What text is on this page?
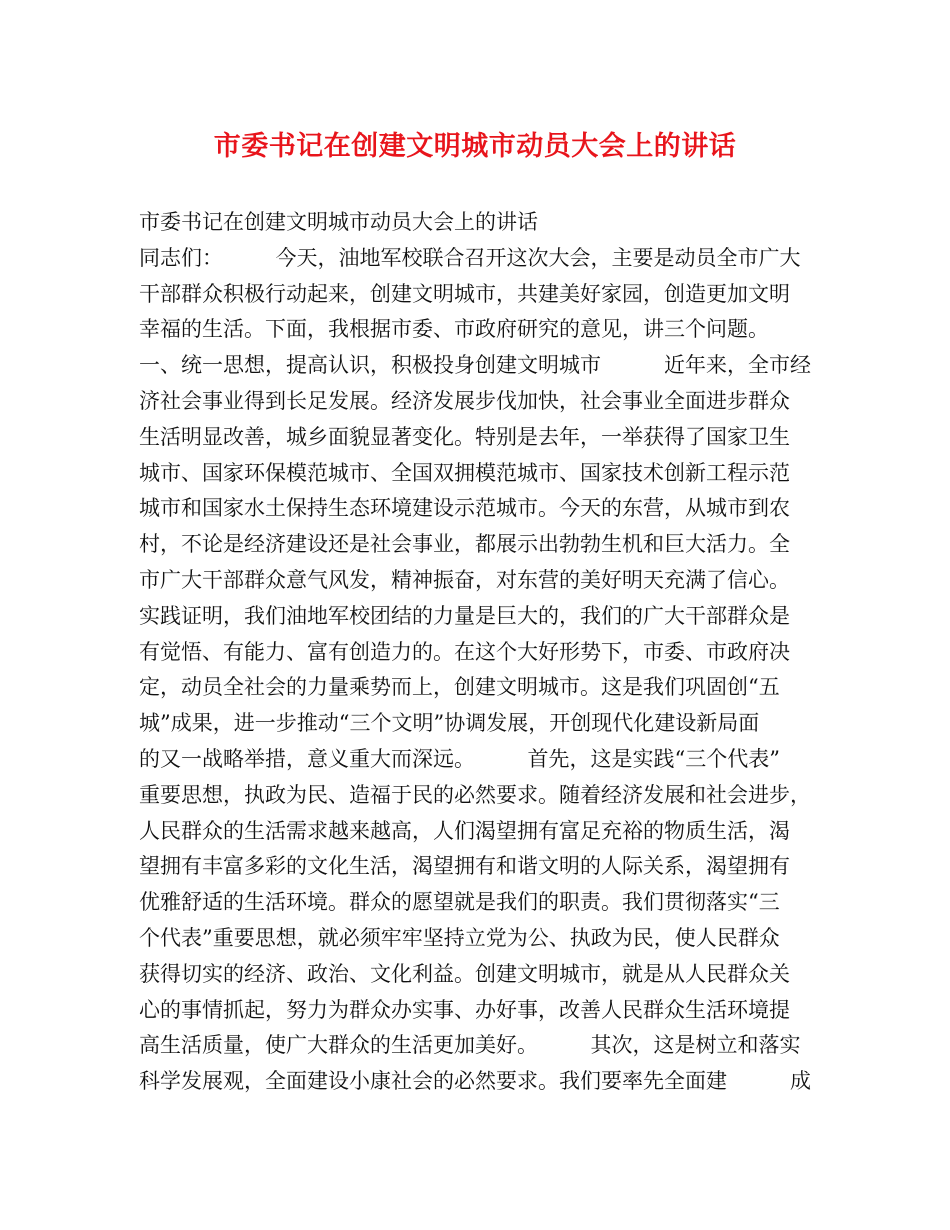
市委书记在创建文明城市动员大会上的讲话
市委书记在创建文明城市动员大会上的讲话
同志们：　　　今天，油地军校联合召开这次大会，主要是动员全市广大
干部群众积极行动起来，创建文明城市，共建美好家园，创造更加文明
幸福的生活。下面，我根据市委、市政府研究的意见，讲三个问题。
一、统一思想，提高认识，积极投身创建文明城市　　　近年来，全市经
济社会事业得到长足发展。经济发展步伐加快，社会事业全面进步群众
生活明显改善，城乡面貌显著变化。特别是去年，一举获得了国家卫生
城市、国家环保模范城市、全国双拥模范城市、国家技术创新工程示范
城市和国家水土保持生态环境建设示范城市。今天的东营，从城市到农
村，不论是经济建设还是社会事业，都展示出勃勃生机和巨大活力。全
市广大干部群众意气风发，精神振奋，对东营的美好明天充满了信心。
实践证明，我们油地军校团结的力量是巨大的，我们的广大干部群众是
有觉悟、有能力、富有创造力的。在这个大好形势下，市委、市政府决
定，动员全社会的力量乘势而上，创建文明城市。这是我们巩固创“五
城”成果，进一步推动“三个文明”协调发展，开创现代化建设新局面
的又一战略举措，意义重大而深远。　　　首先，这是实践“三个代表”
重要思想，执政为民、造福于民的必然要求。随着经济发展和社会进步，
人民群众的生活需求越来越高，人们渴望拥有富足充裕的物质生活，渴
望拥有丰富多彩的文化生活，渴望拥有和谐文明的人际关系，渴望拥有
优雅舒适的生活环境。群众的愿望就是我们的职责。我们贯彻落实“三
个代表”重要思想，就必须牢牢坚持立党为公、执政为民，使人民群众
获得切实的经济、政治、文化利益。创建文明城市，就是从人民群众关
心的事情抓起，努力为群众办实事、办好事，改善人民群众生活环境提
高生活质量，使广大群众的生活更加美好。　　　其次，这是树立和落实
科学发展观，全面建设小康社会的必然要求。我们要率先全面建　　　成
